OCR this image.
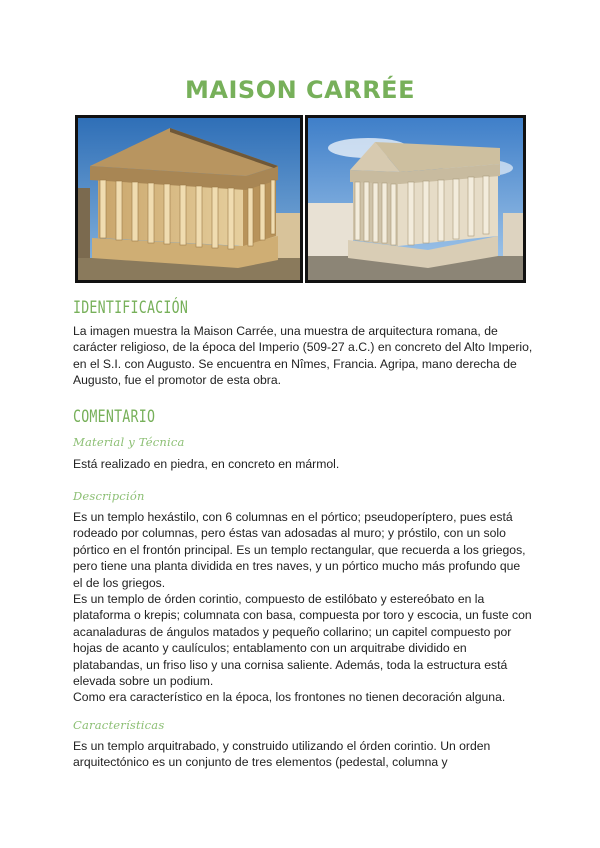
MAISON CARRÉE
IDENTIFICACIÓN

La imagen muestra la Maison Carrée, una muestra de arquitectura romana, de carácter religioso, de la época del Imperio (509-27 a.C.) en concreto del Alto Imperio, en el S.I. con Augusto. Se encuentra en Nîmes, Francia. Agripa, mano derecha de Augusto, fue el promotor de esta obra.

COMENTARIO
Material y Técnica

Está realizado en piedra, en concreto en mármol.

Descripción

Es un templo hexástilo, con 6 columnas en el pórtico; pseudoperíptero, pues está rodeado por columnas, pero éstas van adosadas al muro; y próstilo, con un solo pórtico en el frontón principal. Es un templo rectangular, que recuerda a los griegos, pero tiene una planta dividida en tres naves, y un pórtico mucho más profundo que el de los griegos.

Es un templo de órden corintio, compuesto de estilóbato y estereóbato en la plataforma o krepis; columnata con basa, compuesta por toro y escocia, un fuste con acanaladuras de ángulos matados y pequeño collarino; un capitel compuesto por hojas de acanto y caulículos; entablamento con un arquitrabe dividido en platabandas, un friso liso y una cornisa saliente. Además, toda la estructura está elevada sobre un podium.

Como era característico en la época, los frontones no tienen decoración alguna.

Características

Es un templo arquitrabado, y construido utilizando el órden corintio. Un orden arquitectónico es un conjunto de tres elementos (pedestal, columna y
